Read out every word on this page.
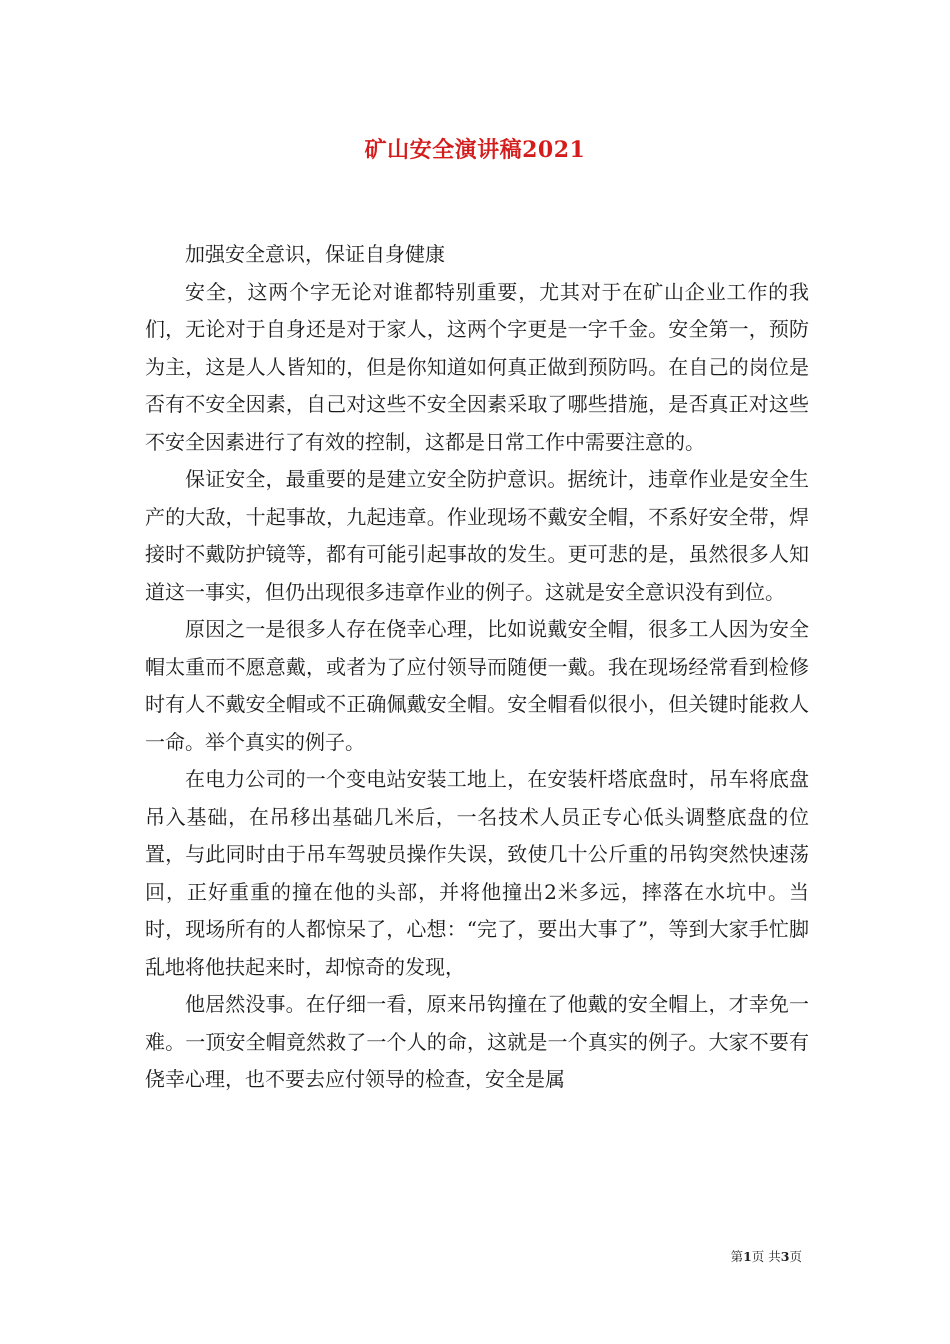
矿山安全演讲稿2021

加强安全意识，保证自身健康

安全，这两个字无论对谁都特别重要，尤其对于在矿山企业工作的我们，无论对于自身还是对于家人，这两个字更是一字千金。安全第一，预防为主，这是人人皆知的，但是你知道如何真正做到预防吗。在自己的岗位是否有不安全因素，自己对这些不安全因素采取了哪些措施，是否真正对这些不安全因素进行了有效的控制，这都是日常工作中需要注意的。

保证安全，最重要的是建立安全防护意识。据统计，违章作业是安全生产的大敌，十起事故，九起违章。作业现场不戴安全帽，不系好安全带，焊接时不戴防护镜等，都有可能引起事故的发生。更可悲的是，虽然很多人知道这一事实，但仍出现很多违章作业的例子。这就是安全意识没有到位。

原因之一是很多人存在侥幸心理，比如说戴安全帽，很多工人因为安全帽太重而不愿意戴，或者为了应付领导而随便一戴。我在现场经常看到检修时有人不戴安全帽或不正确佩戴安全帽。安全帽看似很小，但关键时能救人一命。举个真实的例子。

在电力公司的一个变电站安装工地上，在安装杆塔底盘时，吊车将底盘吊入基础，在吊移出基础几米后，一名技术人员正专心低头调整底盘的位置，与此同时由于吊车驾驶员操作失误，致使几十公斤重的吊钩突然快速荡回，正好重重的撞在他的头部，并将他撞出2米多远，摔落在水坑中。当时，现场所有的人都惊呆了，心想：“完了，要出大事了”，等到大家手忙脚乱地将他扶起来时，却惊奇的发现，

他居然没事。在仔细一看，原来吊钩撞在了他戴的安全帽上，才幸免一难。一顶安全帽竟然救了一个人的命，这就是一个真实的例子。大家不要有侥幸心理，也不要去应付领导的检查，安全是属

第1页 共3页
